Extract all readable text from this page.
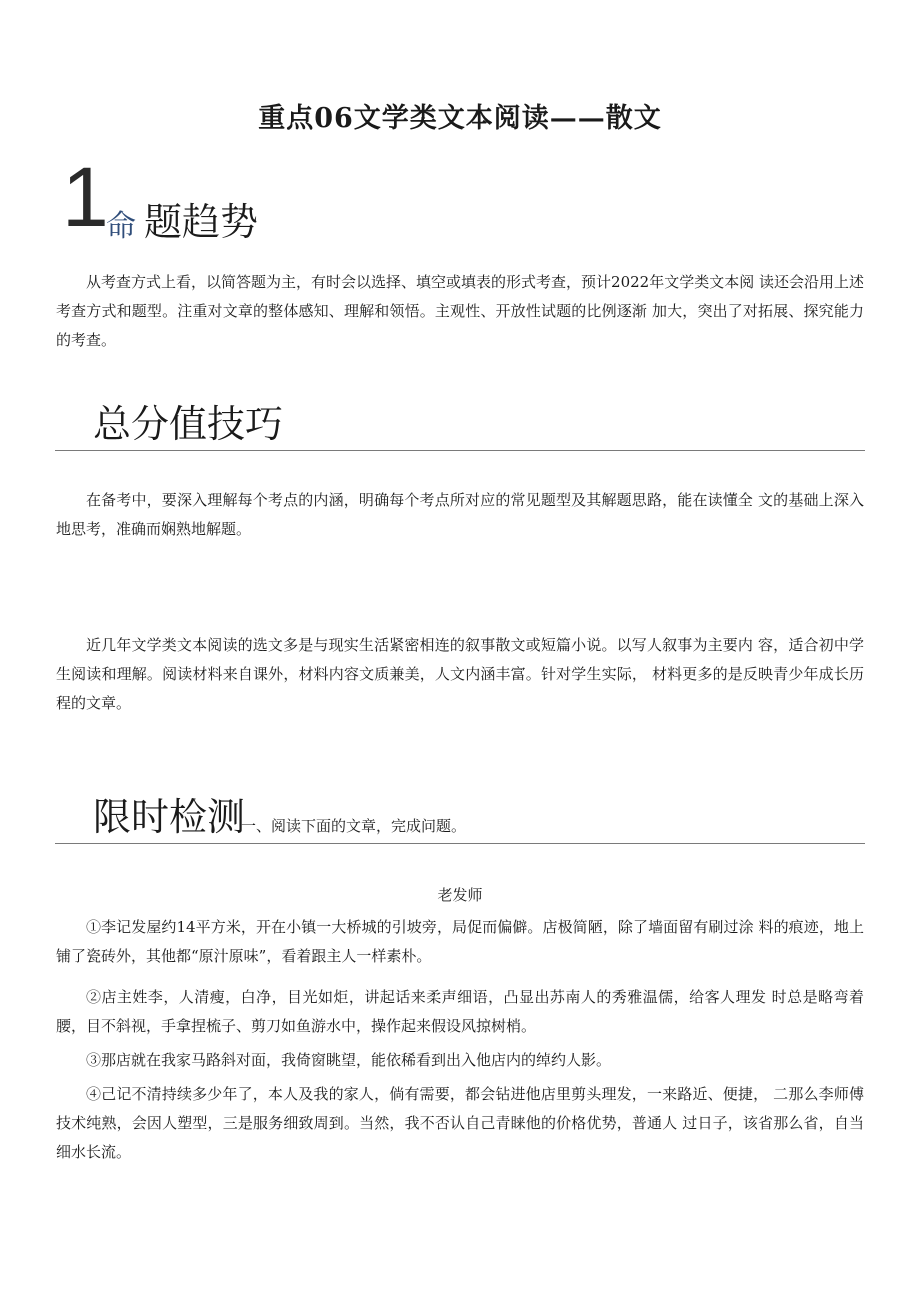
重点06文学类文本阅读——散文
1
命 题趋势

从考查方式上看，以简答题为主，有时会以选择、填空或填表的形式考查，预计2022年文学类文本阅 读还会沿用上述考查方式和题型。注重对文章的整体感知、理解和领悟。主观性、开放性试题的比例逐渐 加大，突出了对拓展、探究能力的考查。

总分值技巧

在备考中，要深入理解每个考点的内涵，明确每个考点所对应的常见题型及其解题思路，能在读懂全 文的基础上深入地思考，准确而娴熟地解题。

近几年文学类文本阅读的选文多是与现实生活紧密相连的叙事散文或短篇小说。以写人叙事为主要内 容，适合初中学生阅读和理解。阅读材料来自课外，材料内容文质兼美，人文内涵丰富。针对学生实际， 材料更多的是反映青少年成长历程的文章。

限时检测
一、阅读下面的文章，完成问题。
老发师

①李记发屋约14平方米，开在小镇一大桥城的引坡旁，局促而偏僻。店极简陋，除了墙面留有刷过涂 料的痕迹，地上铺了瓷砖外，其他都“原汁原味”，看着跟主人一样素朴。

②店主姓李，人清瘦，白净，目光如炬，讲起话来柔声细语，凸显出苏南人的秀雅温儒，给客人理发 时总是略弯着腰，目不斜视，手拿捏梳子、剪刀如鱼游水中，操作起来假设风掠树梢。

③那店就在我家马路斜对面，我倚窗眺望，能依稀看到出入他店内的绰约人影。

④己记不清持续多少年了，本人及我的家人，倘有需要，都会钻进他店里剪头理发，一来路近、便捷， 二那么李师傅技术纯熟，会因人塑型，三是服务细致周到。当然，我不否认自己青睐他的价格优势，普通人 过日子，该省那么省，自当细水长流。
